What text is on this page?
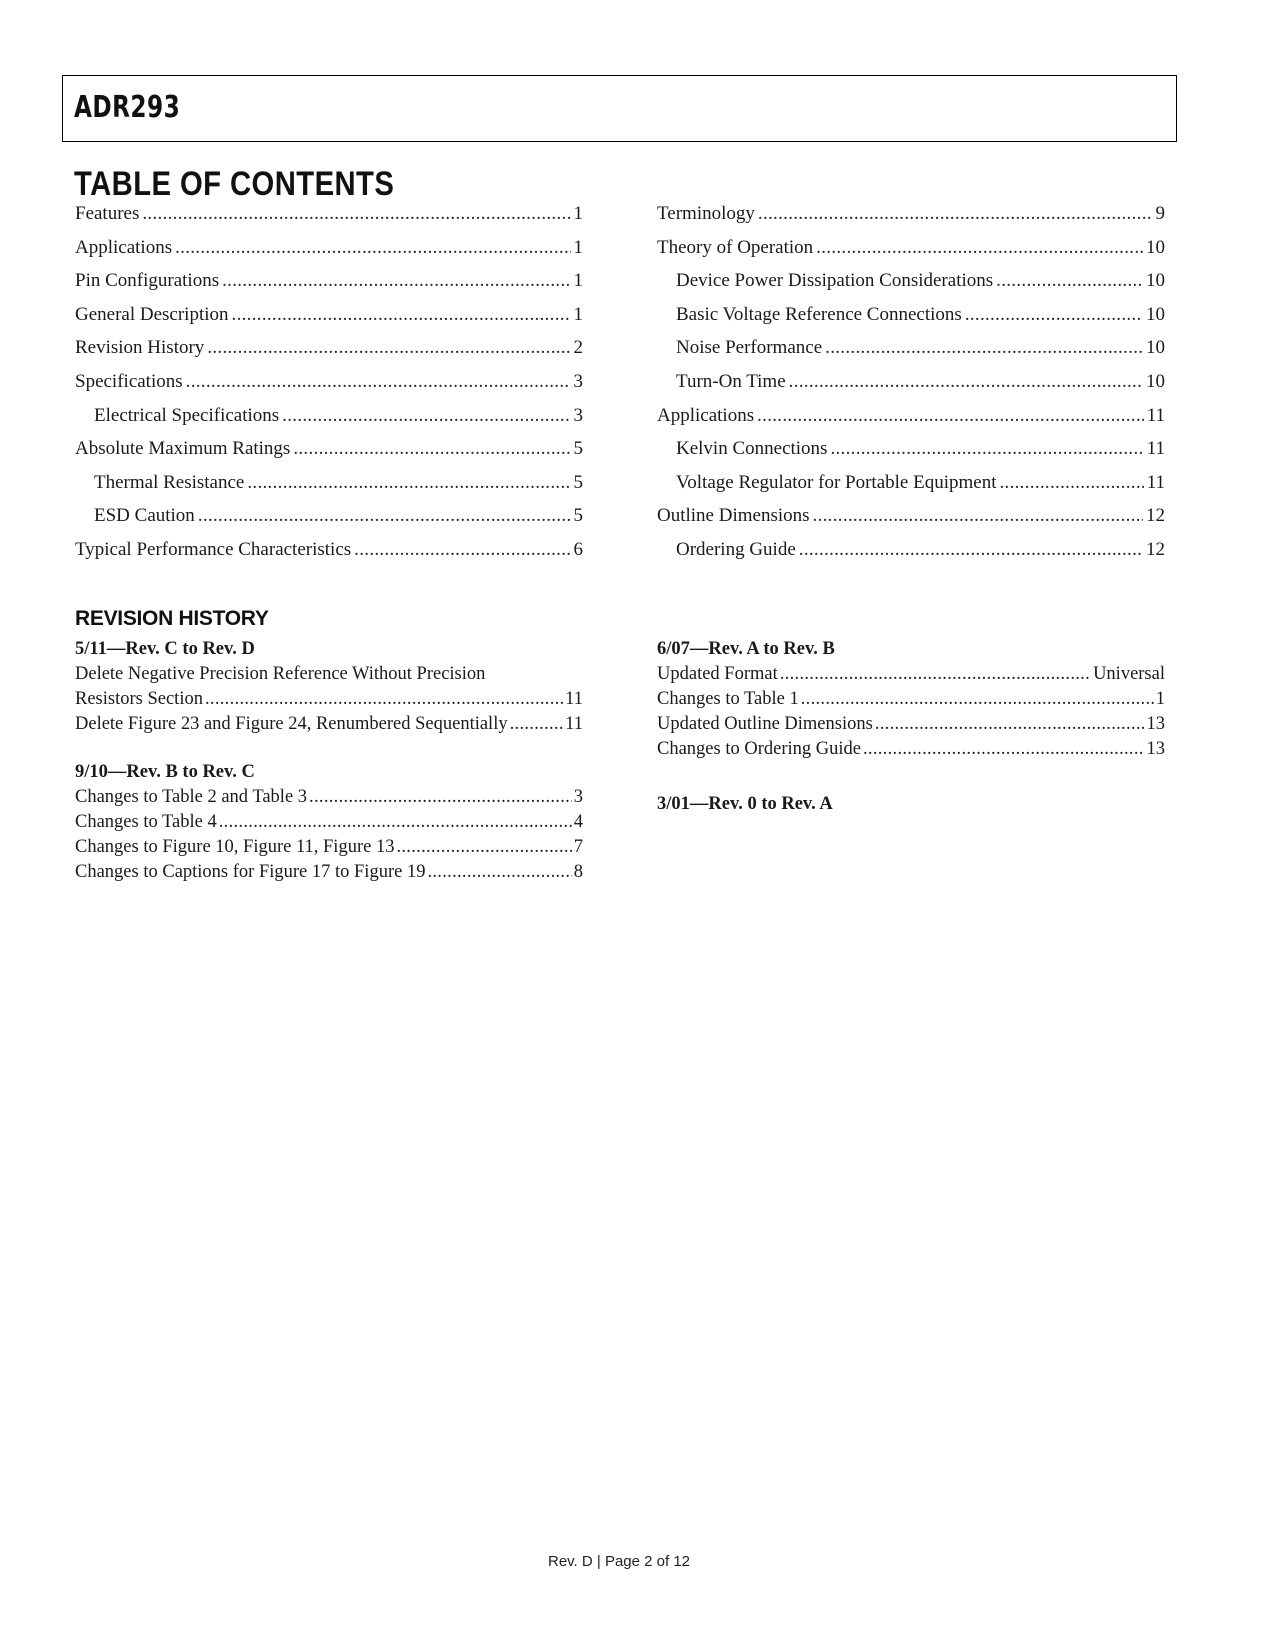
ADR293
TABLE OF CONTENTS
Features .....	1
Applications .....	1
Pin Configurations .....	1
General Description .....	1
Revision History .....	2
Specifications .....	3
Electrical Specifications .....	3
Absolute Maximum Ratings .....	5
Thermal Resistance .....	5
ESD Caution .....	5
Typical Performance Characteristics .....	6
Terminology .....	9
Theory of Operation .....	10
Device Power Dissipation Considerations .....	10
Basic Voltage Reference Connections .....	10
Noise Performance .....	10
Turn-On Time .....	10
Applications .....	11
Kelvin Connections .....	11
Voltage Regulator for Portable Equipment .....	11
Outline Dimensions .....	12
Ordering Guide .....	12
REVISION HISTORY
5/11—Rev. C to Rev. D
Delete Negative Precision Reference Without Precision
Resistors Section .....	11
Delete Figure 23 and Figure 24, Renumbered Sequentially .....	11
9/10—Rev. B to Rev. C
Changes to Table 2 and Table 3 .....	3
Changes to Table 4 .....	4
Changes to Figure 10, Figure 11, Figure 13 .....	7
Changes to Captions for Figure 17 to Figure 19 .....	8
6/07—Rev. A to Rev. B
Updated Format .....	Universal
Changes to Table 1 .....	1
Updated Outline Dimensions .....	13
Changes to Ordering Guide .....	13
3/01—Rev. 0 to Rev. A
Rev. D | Page 2 of 12
